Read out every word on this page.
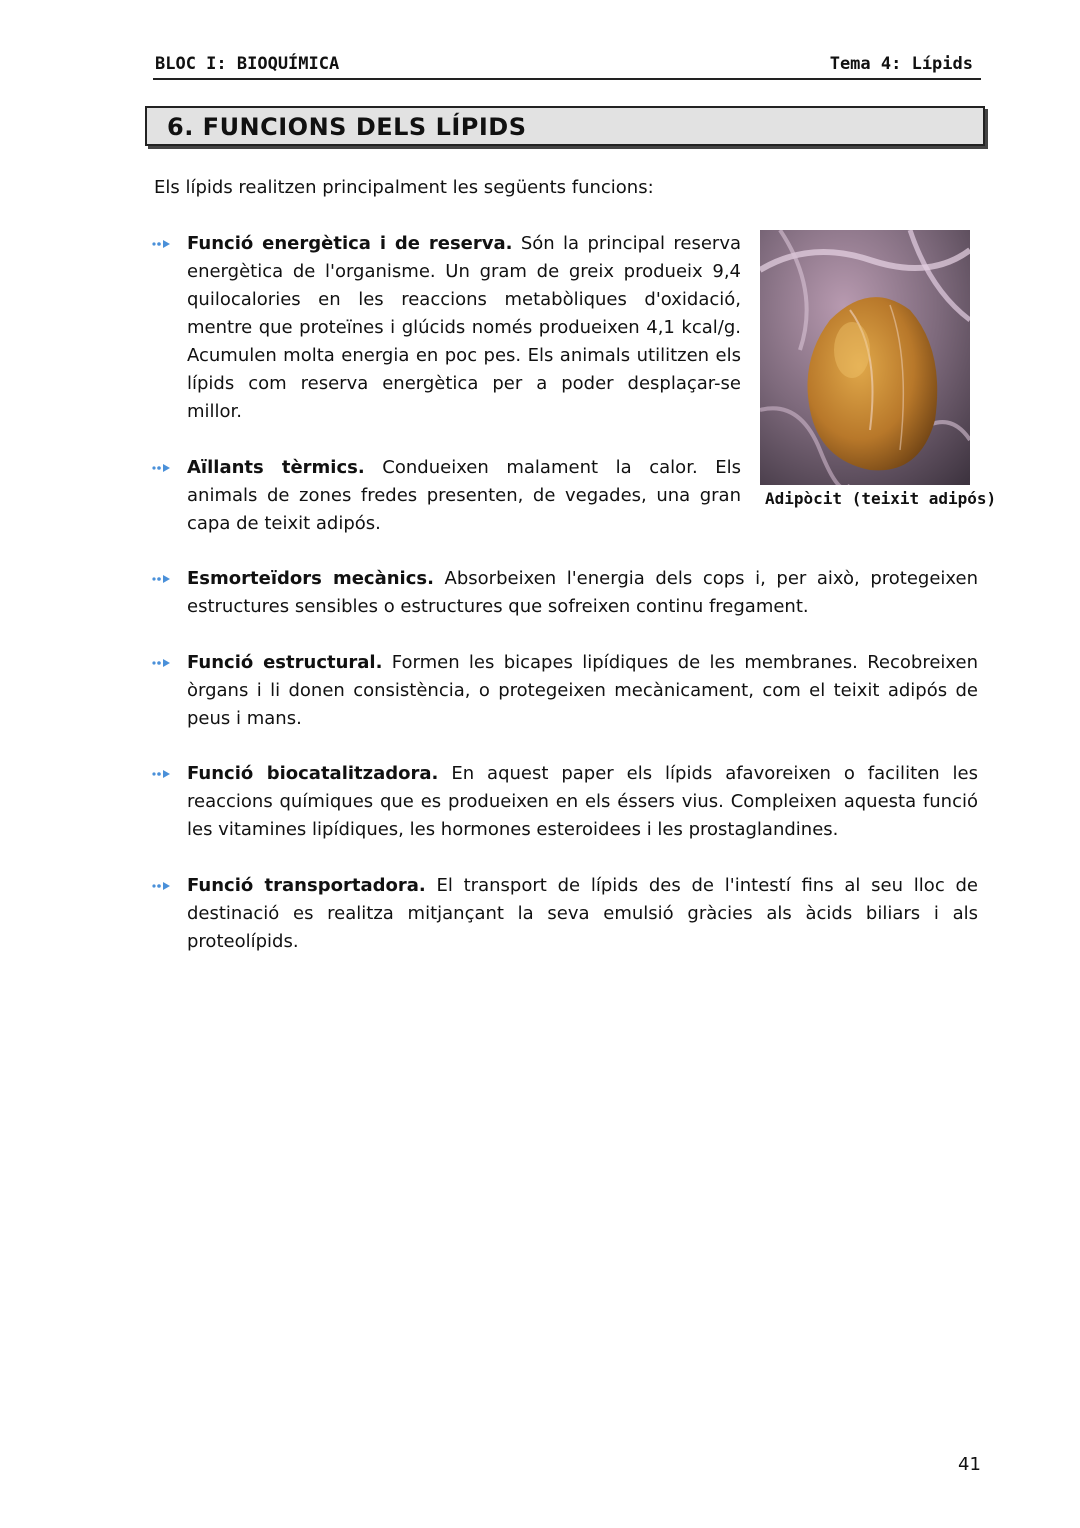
BLOC I: BIOQUÍMICA	Tema 4: Lípids
6. FUNCIONS DELS LÍPIDS
Els lípids realitzen principalment les següents funcions:
Funció energètica i de reserva. Són la principal reserva energètica de l'organisme. Un gram de greix produeix 9,4 quilocalories en les reaccions metabòliques d'oxidació, mentre que proteïnes i glúcids només produeixen 4,1 kcal/g. Acumulen molta energia en poc pes. Els animals utilitzen els lípids com reserva energètica per a poder desplaçar-se millor.
Aïllants tèrmics. Condueixen malament la calor. Els animals de zones fredes presenten, de vegades, una gran capa de teixit adipós.
Esmorteïdors mecànics. Absorbeixen l'energia dels cops i, per això, protegeixen estructures sensibles o estructures que sofreixen continu fregament.
Funció estructural. Formen les bicapes lipídiques de les membranes. Recobreixen òrgans i li donen consistència, o protegeixen mecànicament, com el teixit adipós de peus i mans.
Funció biocatalitzadora. En aquest paper els lípids afavoreixen o faciliten les reaccions químiques que es produeixen en els éssers vius. Compleixen aquesta funció les vitamines lipídiques, les hormones esteroidees i les prostaglandines.
Funció transportadora. El transport de lípids des de l'intestí fins al seu lloc de destinació es realitza mitjançant la seva emulsió gràcies als àcids biliars i als proteolípids.
Adipòcit (teixit adipós)
41
